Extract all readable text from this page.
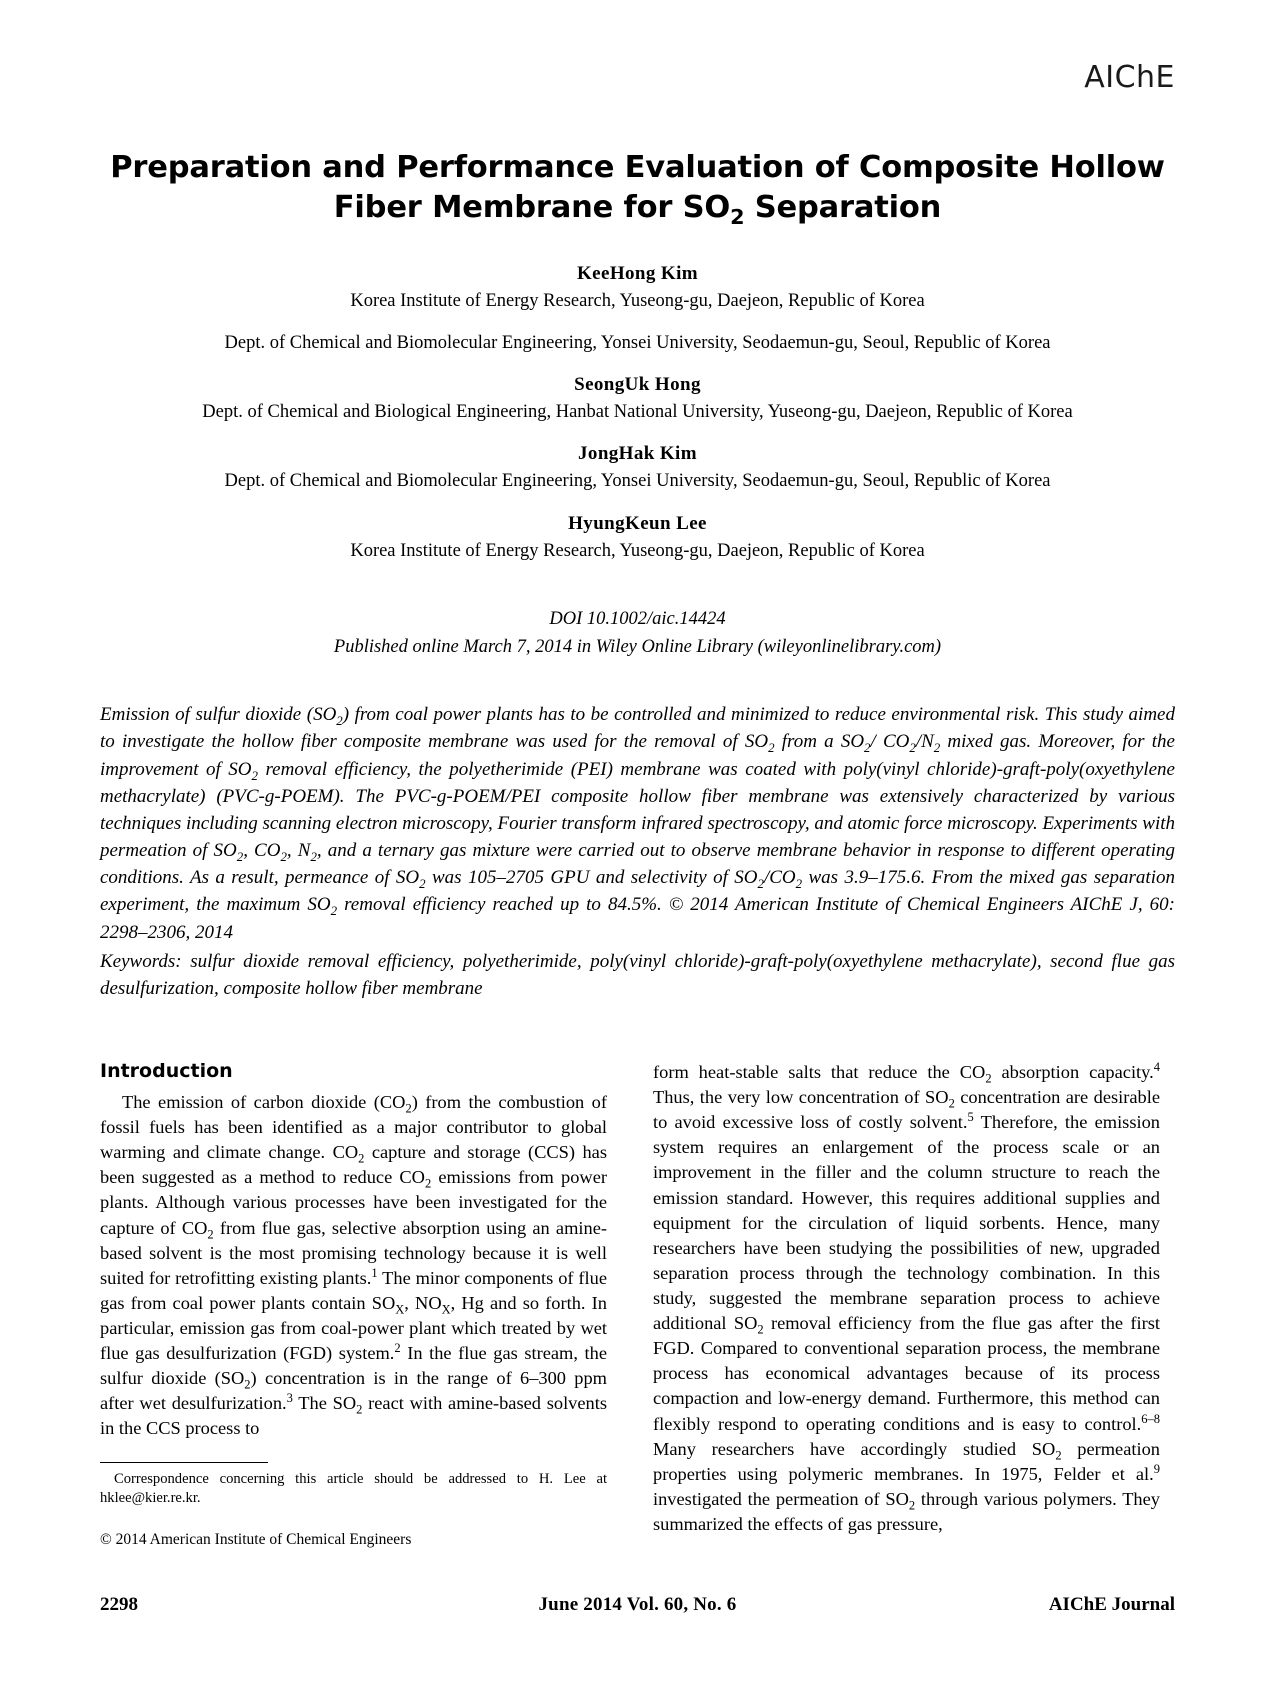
AIChE
Preparation and Performance Evaluation of Composite Hollow
Fiber Membrane for $SO_2$ Separation
KeeHong Kim
Korea Institute of Energy Research, Yuseong-gu, Daejeon, Republic of Korea
Dept. of Chemical and Biomolecular Engineering, Yonsei University, Seodaemun-gu, Seoul, Republic of Korea
SeongUk Hong
Dept. of Chemical and Biological Engineering, Hanbat National University, Yuseong-gu, Daejeon, Republic of Korea
JongHak Kim
Dept. of Chemical and Biomolecular Engineering, Yonsei University, Seodaemun-gu, Seoul, Republic of Korea
HyungKeun Lee
Korea Institute of Energy Research, Yuseong-gu, Daejeon, Republic of Korea
DOI 10.1002/aic.14424
Published online March 7, 2014 in Wiley Online Library (wileyonlinelibrary.com)

Emission of sulfur dioxide $(SO_2)$ from coal power plants has to be controlled and minimized to reduce environmental risk. This study aimed to investigate the hollow fiber composite membrane was used for the removal of $SO_2$ from a $SO_2/$ $CO_2/N_2$ mixed gas. Moreover, for the improvement of $SO_2$ removal efficiency, the polyetherimide (PEI) membrane was coated with poly(vinyl chloride)-graft-poly(oxyethylene methacrylate) (PVC-g-POEM). The PVC-g-POEM/PEI composite hollow fiber membrane was extensively characterized by various techniques including scanning electron microscopy, Fourier transform infrared spectroscopy, and atomic force microscopy. Experiments with permeation of $SO_2$, $CO_2$, $N_2$, and a ternary gas mixture were carried out to observe membrane behavior in response to different operating conditions. As a result, permeance of $SO_2$ was 105–2705 GPU and selectivity of $SO_2/CO_2$ was 3.9–175.6. From the mixed gas separation experiment, the maximum $SO_2$ removal efficiency reached up to 84.5%. © 2014 American Institute of Chemical Engineers AIChE J, 60: 2298–2306, 2014

Keywords: sulfur dioxide removal efficiency, polyetherimide, poly(vinyl chloride)-graft-poly(oxyethylene methacrylate), second flue gas desulfurization, composite hollow fiber membrane
Introduction

The emission of carbon dioxide $(CO_2)$ from the combustion of fossil fuels has been identified as a major contributor to global warming and climate change. $CO_2$ capture and storage (CCS) has been suggested as a method to reduce $CO_2$ emissions from power plants. Although various processes have been investigated for the capture of $CO_2$ from flue gas, selective absorption using an amine-based solvent is the most promising technology because it is well suited for retrofitting existing plants.$^1$ The minor components of flue gas from coal power plants contain $SO_X$, $NO_X$, Hg and so forth. In particular, emission gas from coal-power plant which treated by wet flue gas desulfurization (FGD) system.$^2$ In the flue gas stream, the sulfur dioxide $(SO_2)$ concentration is in the range of 6–300 ppm after wet desulfurization.$^3$ The $SO_2$ react with amine-based solvents in the CCS process to

Correspondence concerning this article should be addressed to H. Lee at hklee@kier.re.kr.

© 2014 American Institute of Chemical Engineers

form heat-stable salts that reduce the $CO_2$ absorption capacity.$^4$ Thus, the very low concentration of $SO_2$ concentration are desirable to avoid excessive loss of costly solvent.$^5$ Therefore, the emission system requires an enlargement of the process scale or an improvement in the filler and the column structure to reach the emission standard. However, this requires additional supplies and equipment for the circulation of liquid sorbents. Hence, many researchers have been studying the possibilities of new, upgraded separation process through the technology combination. In this study, suggested the membrane separation process to achieve additional $SO_2$ removal efficiency from the flue gas after the first FGD. Compared to conventional separation process, the membrane process has economical advantages because of its process compaction and low-energy demand. Furthermore, this method can flexibly respond to operating conditions and is easy to control.$^{6-8}$ Many researchers have accordingly studied $SO_2$ permeation properties using polymeric membranes. In 1975, Felder et al.$^9$ investigated the permeation of $SO_2$ through various polymers. They summarized the effects of gas pressure,

2298	June 2014 Vol. 60, No. 6	AIChE Journal
